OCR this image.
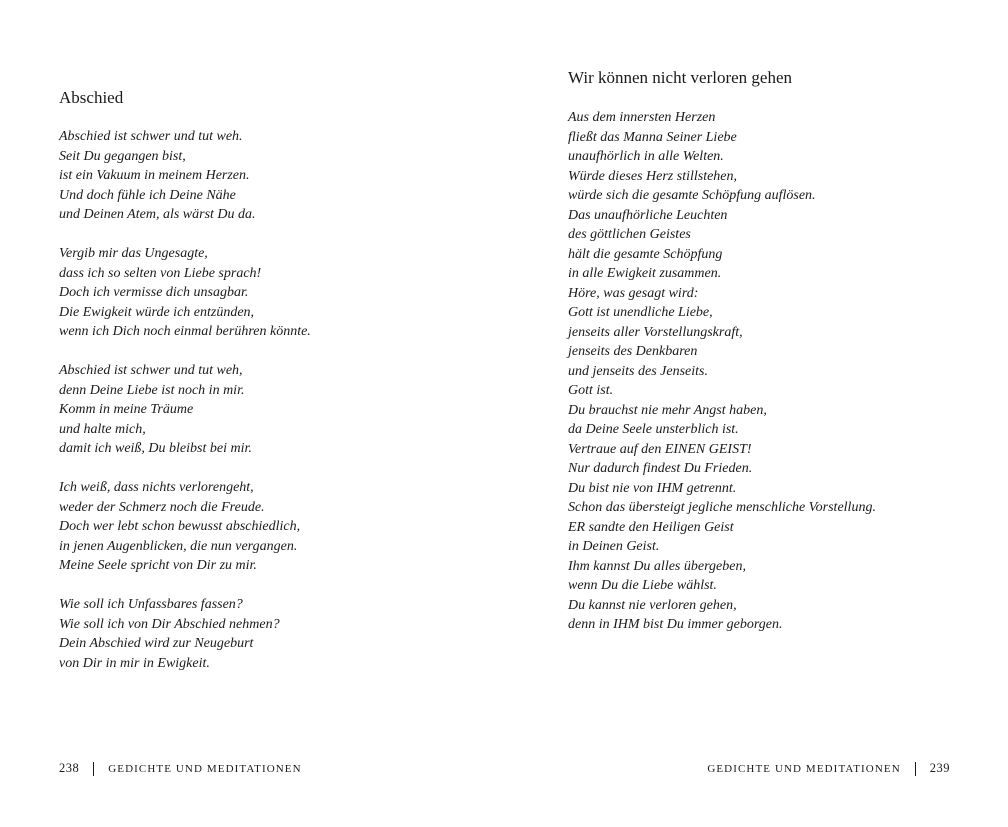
Abschied

Abschied ist schwer und tut weh.
Seit Du gegangen bist,
ist ein Vakuum in meinem Herzen.
Und doch fühle ich Deine Nähe
und Deinen Atem, als wärst Du da.

Vergib mir das Ungesagte,
dass ich so selten von Liebe sprach!
Doch ich vermisse dich unsagbar.
Die Ewigkeit würde ich entzünden,
wenn ich Dich noch einmal berühren könnte.

Abschied ist schwer und tut weh,
denn Deine Liebe ist noch in mir.
Komm in meine Träume
und halte mich,
damit ich weiß, Du bleibst bei mir.

Ich weiß, dass nichts verlorengeht,
weder der Schmerz noch die Freude.
Doch wer lebt schon bewusst abschiedlich,
in jenen Augenblicken, die nun vergangen.
Meine Seele spricht von Dir zu mir.

Wie soll ich Unfassbares fassen?
Wie soll ich von Dir Abschied nehmen?
Dein Abschied wird zur Neugeburt
von Dir in mir in Ewigkeit.

238	GEDICHTE UND MEDITATIONEN
Wir können nicht verloren gehen

Aus dem innersten Herzen
fließt das Manna Seiner Liebe
unaufhörlich in alle Welten.
Würde dieses Herz stillstehen,
würde sich die gesamte Schöpfung auflösen.
Das unaufhörliche Leuchten
des göttlichen Geistes
hält die gesamte Schöpfung
in alle Ewigkeit zusammen.
Höre, was gesagt wird:
Gott ist unendliche Liebe,
jenseits aller Vorstellungskraft,
jenseits des Denkbaren
und jenseits des Jenseits.
Gott ist.
Du brauchst nie mehr Angst haben,
da Deine Seele unsterblich ist.
Vertraue auf den EINEN GEIST!
Nur dadurch findest Du Frieden.
Du bist nie von IHM getrennt.
Schon das übersteigt jegliche menschliche Vorstellung.
ER sandte den Heiligen Geist
in Deinen Geist.
Ihm kannst Du alles übergeben,
wenn Du die Liebe wählst.
Du kannst nie verloren gehen,
denn in IHM bist Du immer geborgen.

GEDICHTE UND MEDITATIONEN 239
